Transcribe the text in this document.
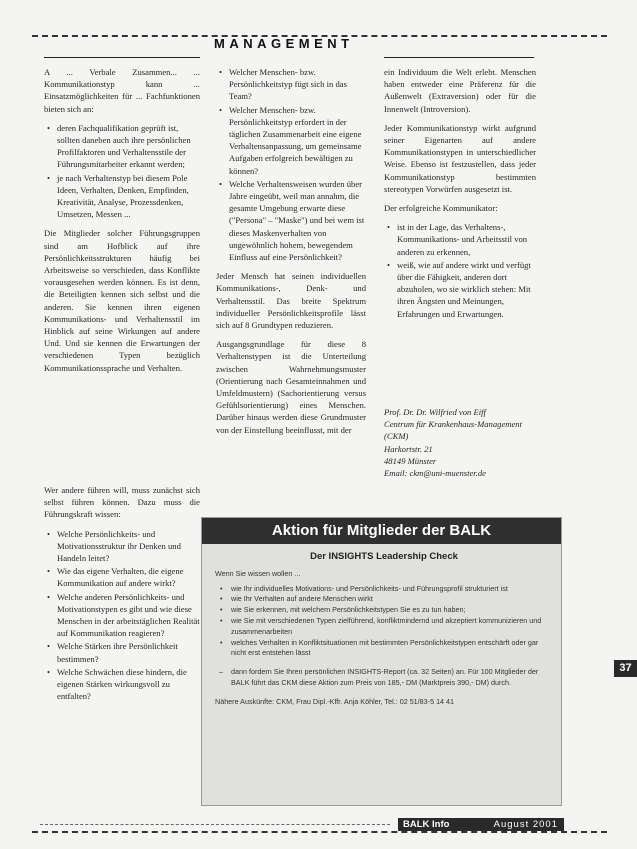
MANAGEMENT

A ... Verbale Zusammen... ... Kommunikationstyp kann ... Einsatzmöglichkeiten für ... Fachfunktionen bieten sich an:

• deren Fachqualifikation geprüft ist, sollten daneben auch ihre persönlichen Profilfaktoren und Verhaltensstile der Führungsmitarbeiter erkannt werden;
• je nach Verhaltenstyp bei diesem Pole Ideen, Verhalten, Denken, Empfinden, Kreativität, Analyse, Prozessdenken, Umsetzen, Messen ...

Die Mitglieder solcher Führungsgruppen sind am Hofblick auf ihre Persönlichkeitsstrukturen häufig bei Arbeitsweise so verschieden, dass Konflikte vorausgesehen werden können. Es ist denn, die Beteiligten kennen sich selbst und die anderen. Sie kennen ihren eigenen Kommunikations- und Verhaltensstil im Hinblick auf seine Wirkungen auf andere Und. Und sie kennen die Erwartungen der verschiedenen Typen bezüglich Kommunikationssprache und Verhalten.

Wer andere führen will, muss zunächst sich selbst führen können. Dazu muss die Führungskraft wissen:

• Welche Persönlichkeits- und Motivationsstruktur ihr Denken und Handeln leitet?
• Wie das eigene Verhalten, die eigene Kommunikation auf andere wirkt?
• Welche anderen Persönlichkeits- und Motivationstypen es gibt und wie diese Menschen in der arbeitstäglichen Realität auf Kommunikation reagieren?
• Welche Stärken ihre Persönlichkeit bestimmen?
• Welche Schwächen diese hindern, die eigenen Stärken wirkungsvoll zu entfalten?
• Welcher Menschen- bzw. Persönlichkeitstyp fügt sich in das Team?
• Welcher Menschen- bzw. Persönlichkeitstyp erfordert in der täglichen Zusammenarbeit eine eigene Verhaltensanpassung, um gemeinsame Aufgaben erfolgreich bewältigen zu können?
• Welche Verhaltensweisen wurden über Jahre eingeübt, weil man annahm, die gesamte Umgebung erwarte diese ("Persona" – "Maske") und bei wem ist dieses Maskenverhalten von ungewöhnlich hohem, bewegendem Einfluss auf eine Persönlichkeit?

Jeder Mensch hat seinen individuellen Kommunikations-, Denk- und Verhaltensstil. Das breite Spektrum individueller Persönlichkeitsprofile lässt sich auf 8 Grundtypen reduzieren.

Ausgangsgrundlage für diese 8 Verhaltenstypen ist die Unterteilung zwischen Wahrnehmungsmuster (Orientierung nach Gesamteinnahmen und Umfeldmustern) (Sachorientierung versus Gefühlsorientierung) eines Menschen. Darüber hinaus werden diese Grundmuster von der Einstellung beeinflusst, mit der

ein Individuum die Welt erlebt. Menschen haben entweder eine Präferenz für die Außenwelt (Extraversion) oder für die Innenwelt (Introversion).

Jeder Kommunikationstyp wirkt aufgrund seiner Eigenarten auf andere Kommunikationstypen in unterschiedlicher Weise. Ebenso ist festzustellen, dass jeder Kommunikationstyp bestimmten stereotypen Vorwürfen ausgesetzt ist.

Der erfolgreiche Kommunikator:

• ist in der Lage, das Verhaltens-, Kommunikations- und Arbeitsstil von anderen zu erkennen,
• weiß, wie auf andere wirkt und verfügt über die Fähigkeit, anderen dort abzuholen, wo sie wirklich stehen: Mit ihren Ängsten und Meinungen, Erfahrungen und Erwartungen.

Prof. Dr. Dr. Wilfried von Eiff

Centrum für Krankenhaus-Management (CKM)

Harkortstr. 21

48149 Münster

Email: ckm@uni-muenster.de

Aktion für Mitglieder der BALK
Der INSIGHTS Leadership Check

Wenn Sie wissen wollen ...

• wie Ihr individuelles Motivations- und Persönlichkeits- und Führungsprofil strukturiert ist
• wie Ihr Verhalten auf andere Menschen wirkt
• wie Sie erkennen, mit welchem Persönlichkeitstypen Sie es zu tun haben;
• wie Sie mit verschiedenen Typen zielführend, konfliktmindernd und akzeptiert kommunizieren und zusammenarbeiten
• welches Verhalten in Konfliktsituationen mit bestimmten Persönlichkeitstypen entschärft oder gar nicht erst entstehen lässt

– dann fordern Sie Ihren persönlichen INSIGHTS-Report (ca. 32 Seiten) an. Für 100 Mitglieder der BALK führt das CKM diese Aktion zum Preis von 185,- DM (Marktpreis 390,- DM) durch.

Nähere Auskünfte: CKM, Frau Dipl.-Kffr. Anja Köhler, Tel.: 02 51/83-5 14 41

37
BALK Info	August 2001
